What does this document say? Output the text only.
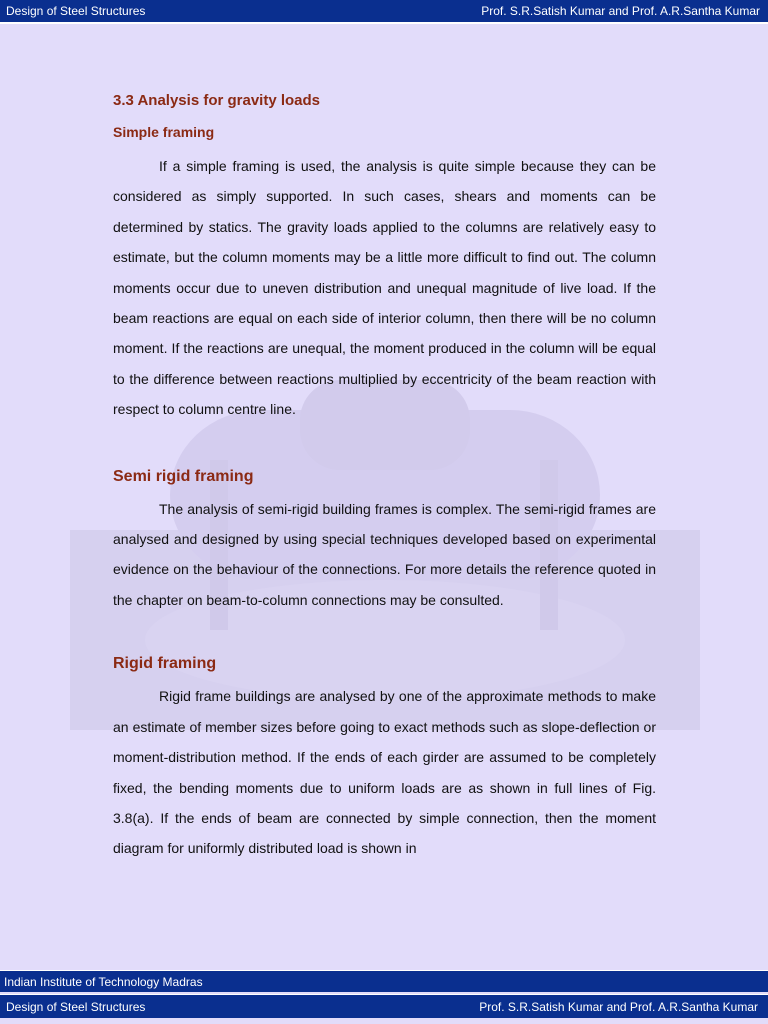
Design of Steel Structures	Prof. S.R.Satish Kumar and Prof. A.R.Santha Kumar
3.3 Analysis for gravity loads
Simple framing

If a simple framing is used, the analysis is quite simple because they can be considered as simply supported. In such cases, shears and moments can be determined by statics. The gravity loads applied to the columns are relatively easy to estimate, but the column moments may be a little more difficult to find out. The column moments occur due to uneven distribution and unequal magnitude of live load. If the beam reactions are equal on each side of interior column, then there will be no column moment. If the reactions are unequal, the moment produced in the column will be equal to the difference between reactions multiplied by eccentricity of the beam reaction with respect to column centre line.

Semi rigid framing

The analysis of semi-rigid building frames is complex. The semi-rigid frames are analysed and designed by using special techniques developed based on experimental evidence on the behaviour of the connections. For more details the reference quoted in the chapter on beam-to-column connections may be consulted.

Rigid framing

Rigid frame buildings are analysed by one of the approximate methods to make an estimate of member sizes before going to exact methods such as slope-deflection or moment-distribution method. If the ends of each girder are assumed to be completely fixed, the bending moments due to uniform loads are as shown in full lines of Fig. 3.8(a). If the ends of beam are connected by simple connection, then the moment diagram for uniformly distributed load is shown in

Indian Institute of Technology Madras
Design of Steel Structures	Prof. S.R.Satish Kumar and Prof. A.R.Santha Kumar
